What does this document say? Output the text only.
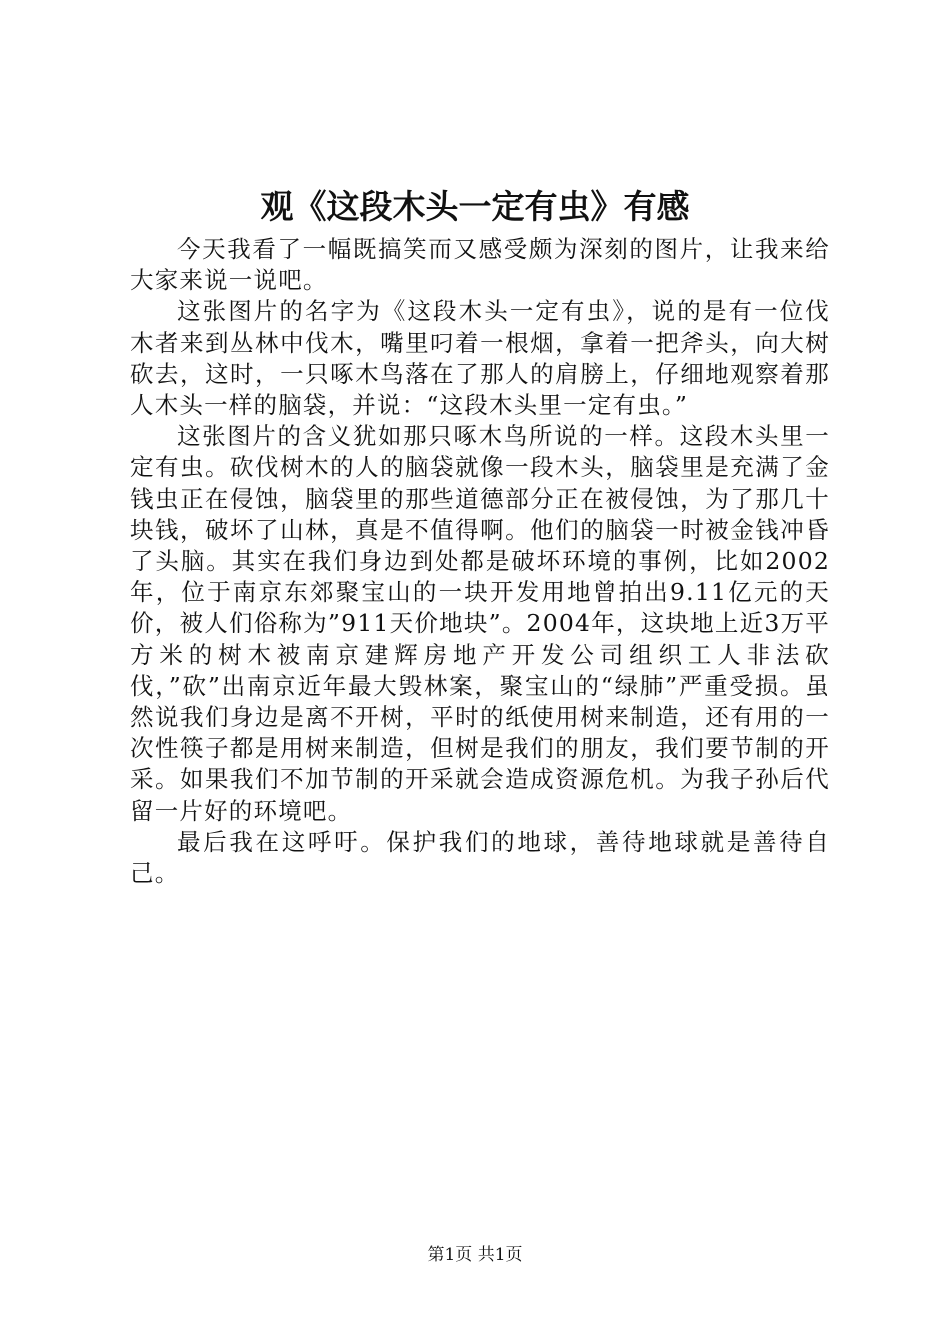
观《这段木头一定有虫》有感

今天我看了一幅既搞笑而又感受颇为深刻的图片，让我来给大家来说一说吧。

这张图片的名字为《这段木头一定有虫》，说的是有一位伐木者来到丛林中伐木，嘴里叼着一根烟，拿着一把斧头，向大树砍去，这时，一只啄木鸟落在了那人的肩膀上，仔细地观察着那人木头一样的脑袋，并说：“这段木头里一定有虫。”

这张图片的含义犹如那只啄木鸟所说的一样。这段木头里一定有虫。砍伐树木的人的脑袋就像一段木头，脑袋里是充满了金钱虫正在侵蚀，脑袋里的那些道德部分正在被侵蚀，为了那几十块钱，破坏了山林，真是不值得啊。他们的脑袋一时被金钱冲昏了头脑。其实在我们身边到处都是破坏环境的事例，比如2002年，位于南京东郊聚宝山的一块开发用地曾拍出9.11亿元的天价，被人们俗称为”911天价地块”。2004年，这块地上近3万平方米的树木被南京建辉房地产开发公司组织工人非法砍伐，”砍”出南京近年最大毁林案，聚宝山的“绿肺”严重受损。虽然说我们身边是离不开树，平时的纸使用树来制造，还有用的一次性筷子都是用树来制造，但树是我们的朋友，我们要节制的开采。如果我们不加节制的开采就会造成资源危机。为我子孙后代留一片好的环境吧。

最后我在这呼吁。保护我们的地球，善待地球就是善待自己。

第1页 共1页
